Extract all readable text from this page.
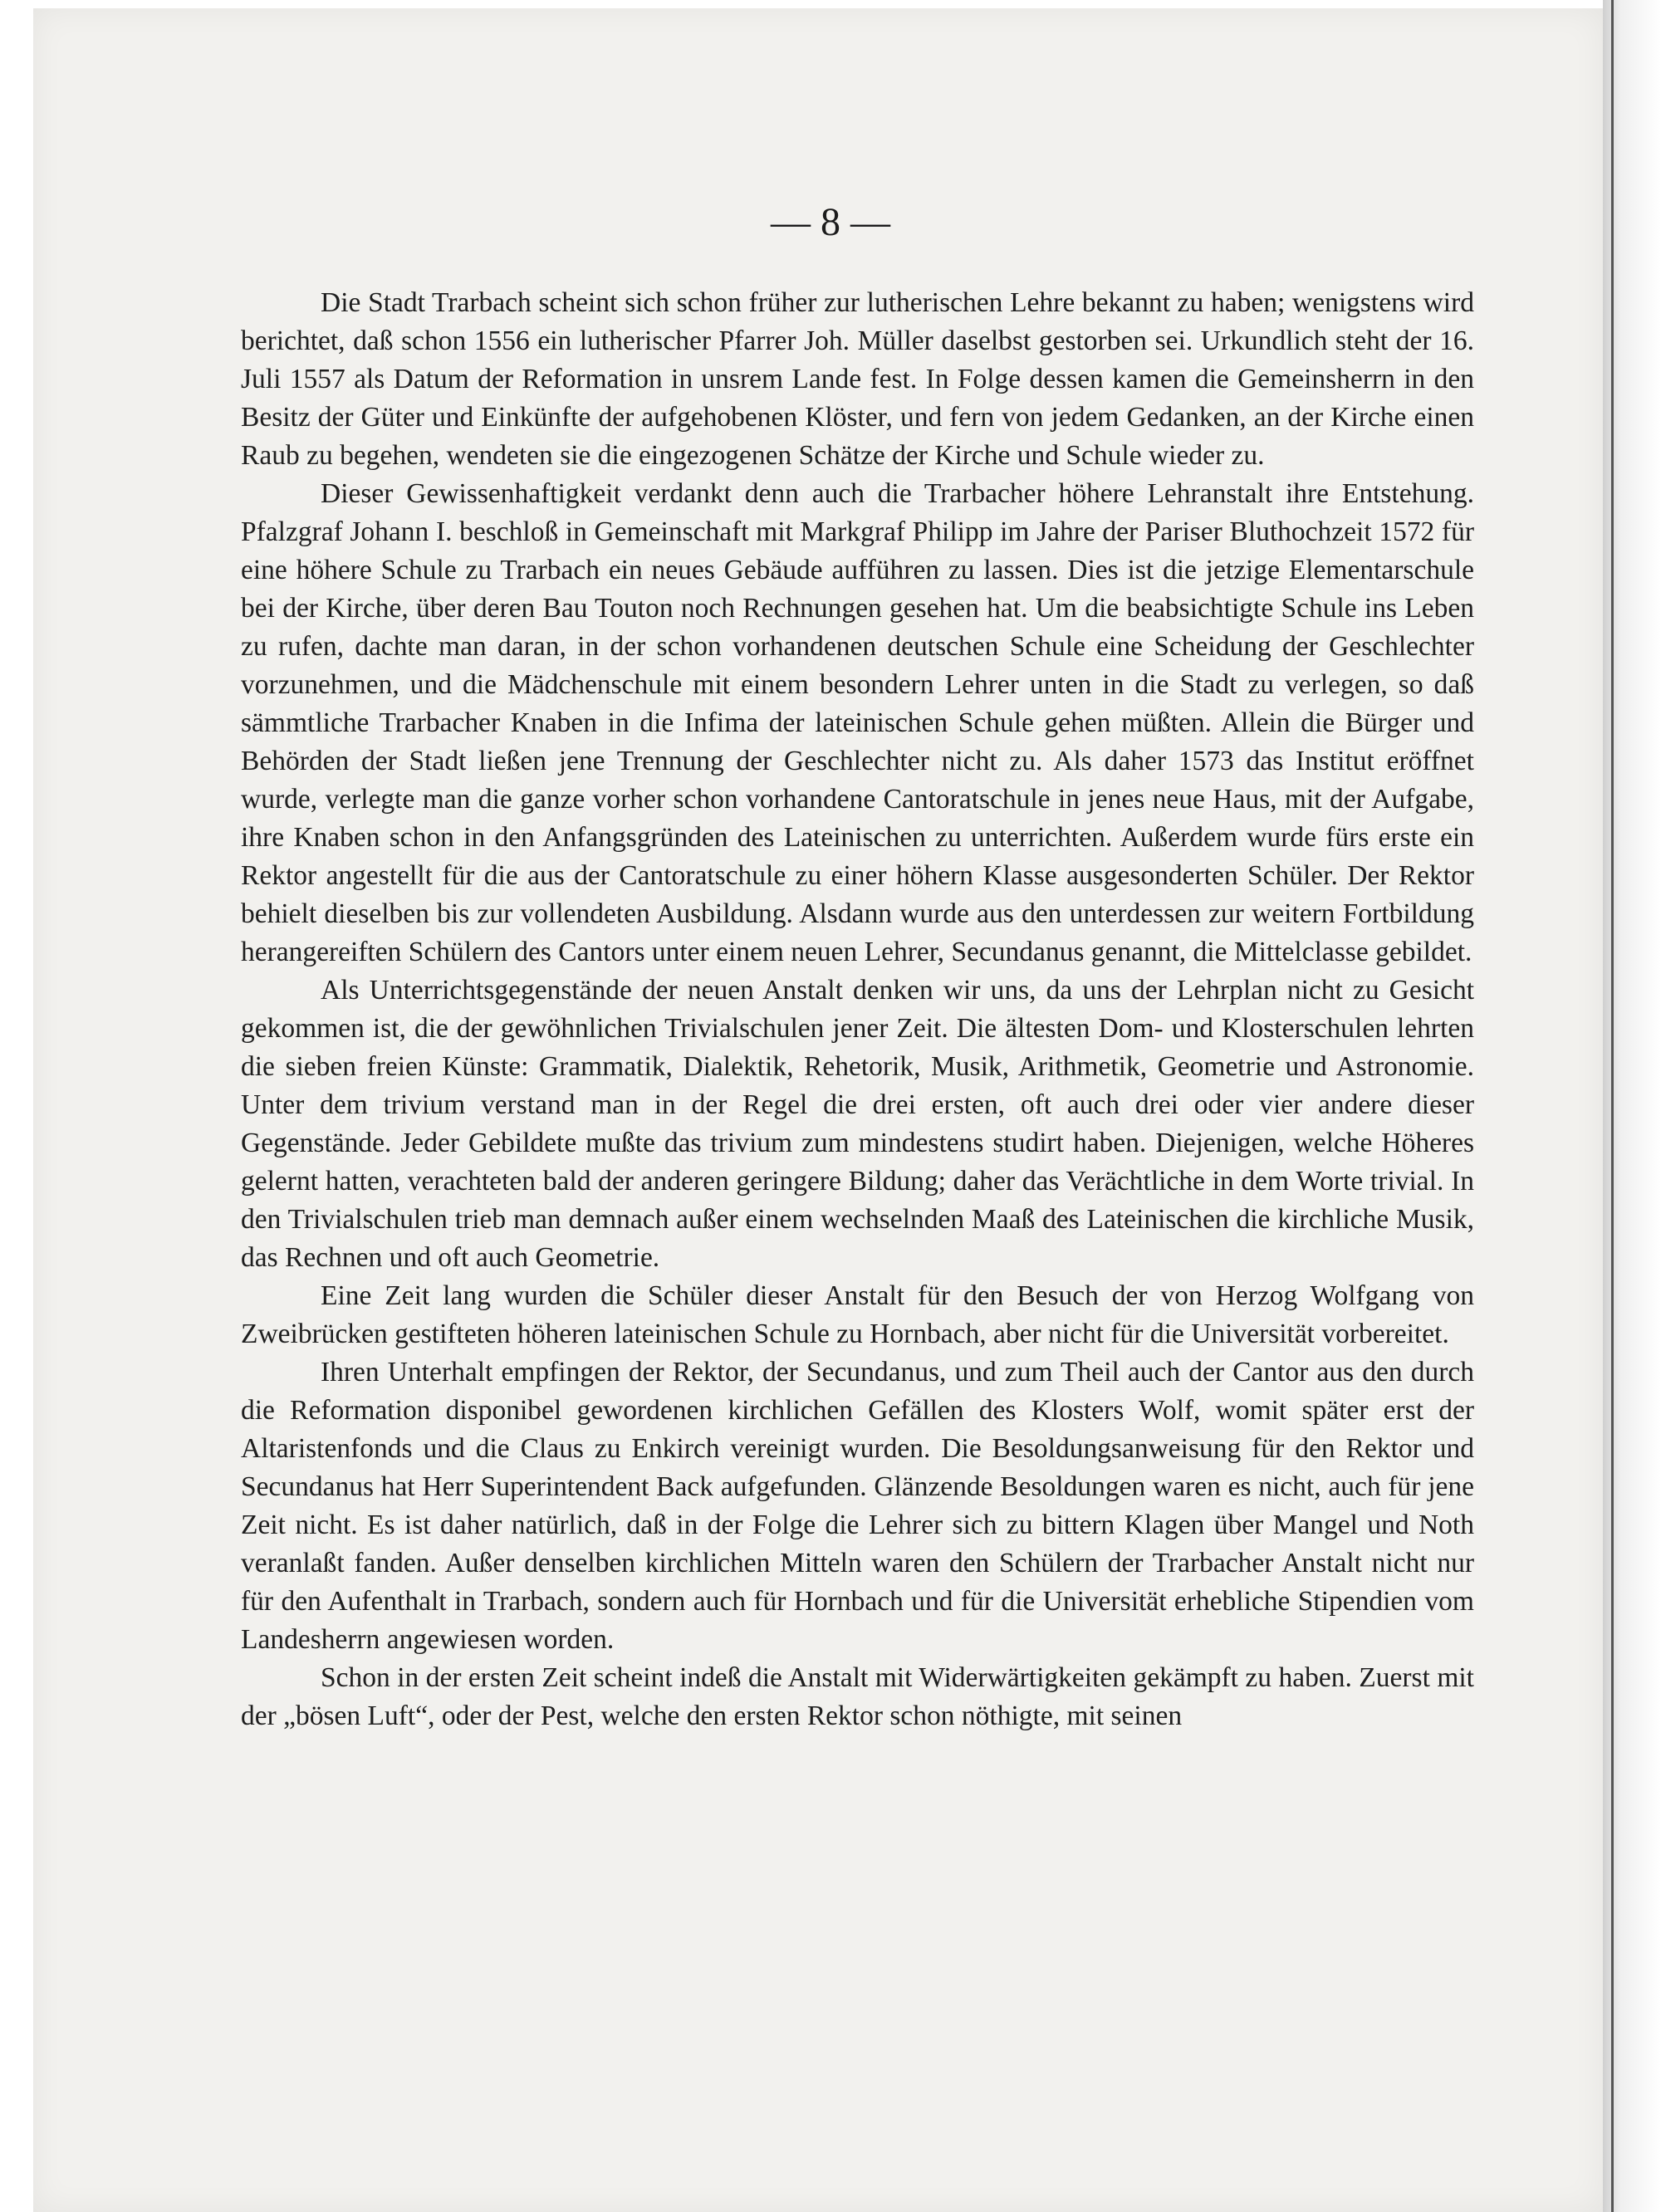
— 8 —

Die Stadt Trarbach scheint sich schon früher zur lutherischen Lehre bekannt zu haben; wenigstens wird berichtet, daß schon 1556 ein lutherischer Pfarrer Joh. Müller daselbst gestorben sei. Urkundlich steht der 16. Juli 1557 als Datum der Reformation in unsrem Lande fest. In Folge dessen kamen die Gemeinsherrn in den Besitz der Güter und Einkünfte der aufgehobenen Klöster, und fern von jedem Gedanken, an der Kirche einen Raub zu begehen, wendeten sie die eingezogenen Schätze der Kirche und Schule wieder zu.

Dieser Gewissenhaftigkeit verdankt denn auch die Trarbacher höhere Lehranstalt ihre Entstehung. Pfalzgraf Johann I. beschloß in Gemeinschaft mit Markgraf Philipp im Jahre der Pariser Bluthochzeit 1572 für eine höhere Schule zu Trarbach ein neues Gebäude aufführen zu lassen. Dies ist die jetzige Elementarschule bei der Kirche, über deren Bau Touton noch Rechnungen gesehen hat. Um die beabsichtigte Schule ins Leben zu rufen, dachte man daran, in der schon vorhandenen deutschen Schule eine Scheidung der Geschlechter vorzunehmen, und die Mädchenschule mit einem besondern Lehrer unten in die Stadt zu verlegen, so daß sämmtliche Trarbacher Knaben in die Infima der lateinischen Schule gehen müßten. Allein die Bürger und Behörden der Stadt ließen jene Trennung der Geschlechter nicht zu. Als daher 1573 das Institut eröffnet wurde, verlegte man die ganze vorher schon vorhandene Cantoratschule in jenes neue Haus, mit der Aufgabe, ihre Knaben schon in den Anfangsgründen des Lateinischen zu unterrichten. Außerdem wurde fürs erste ein Rektor angestellt für die aus der Cantoratschule zu einer höhern Klasse ausgesonderten Schüler. Der Rektor behielt dieselben bis zur vollendeten Ausbildung. Alsdann wurde aus den unterdessen zur weitern Fortbildung herangereiften Schülern des Cantors unter einem neuen Lehrer, Secundanus genannt, die Mittelclasse gebildet.

Als Unterrichtsgegenstände der neuen Anstalt denken wir uns, da uns der Lehrplan nicht zu Gesicht gekommen ist, die der gewöhnlichen Trivialschulen jener Zeit. Die ältesten Dom- und Klosterschulen lehrten die sieben freien Künste: Grammatik, Dialektik, Rehetorik, Musik, Arithmetik, Geometrie und Astronomie. Unter dem trivium verstand man in der Regel die drei ersten, oft auch drei oder vier andere dieser Gegenstände. Jeder Gebildete mußte das trivium zum mindestens studirt haben. Diejenigen, welche Höheres gelernt hatten, verachteten bald der anderen geringere Bildung; daher das Verächtliche in dem Worte trivial. In den Trivialschulen trieb man demnach außer einem wechselnden Maaß des Lateinischen die kirchliche Musik, das Rechnen und oft auch Geometrie.

Eine Zeit lang wurden die Schüler dieser Anstalt für den Besuch der von Herzog Wolfgang von Zweibrücken gestifteten höheren lateinischen Schule zu Hornbach, aber nicht für die Universität vorbereitet.

Ihren Unterhalt empfingen der Rektor, der Secundanus, und zum Theil auch der Cantor aus den durch die Reformation disponibel gewordenen kirchlichen Gefällen des Klosters Wolf, womit später erst der Altaristenfonds und die Claus zu Enkirch vereinigt wurden. Die Besoldungsanweisung für den Rektor und Secundanus hat Herr Superintendent Back aufgefunden. Glänzende Besoldungen waren es nicht, auch für jene Zeit nicht. Es ist daher natürlich, daß in der Folge die Lehrer sich zu bittern Klagen über Mangel und Noth veranlaßt fanden. Außer denselben kirchlichen Mitteln waren den Schülern der Trarbacher Anstalt nicht nur für den Aufenthalt in Trarbach, sondern auch für Hornbach und für die Universität erhebliche Stipendien vom Landesherrn angewiesen worden.

Schon in der ersten Zeit scheint indeß die Anstalt mit Widerwärtigkeiten gekämpft zu haben. Zuerst mit der „bösen Luft“, oder der Pest, welche den ersten Rektor schon nöthigte, mit seinen
